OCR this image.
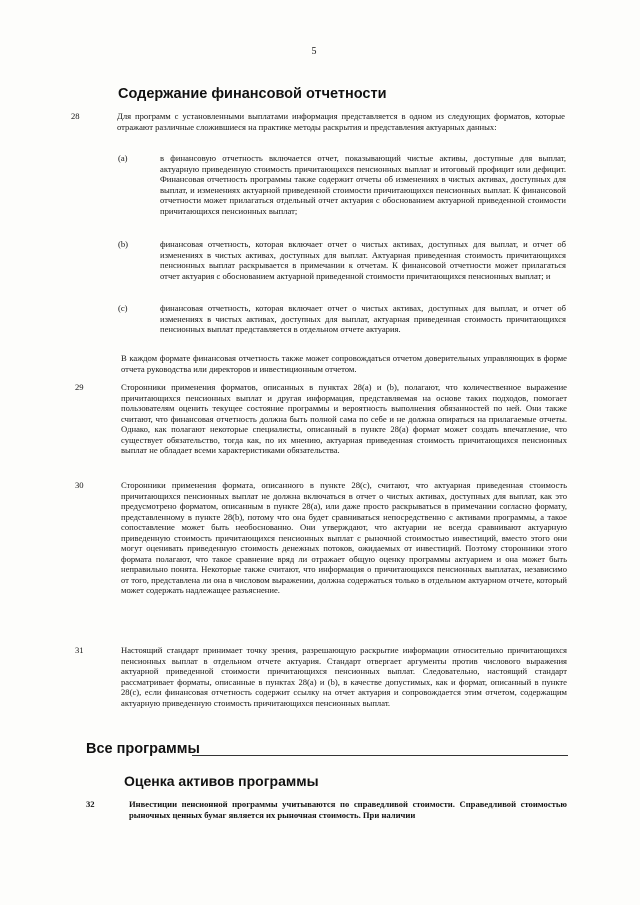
5
Содержание финансовой отчетности
28	Для программ с установленными выплатами информация представляется в одном из следующих форматов, которые отражают различные сложившиеся на практике методы раскрытия и представления актуарных данных:
(a)	в финансовую отчетность включается отчет, показывающий чистые активы, доступные для выплат, актуарную приведенную стоимость причитающихся пенсионных выплат и итоговый профицит или дефицит. Финансовая отчетность программы также содержит отчеты об изменениях в чистых активах, доступных для выплат, и изменениях актуарной приведенной стоимости причитающихся пенсионных выплат. К финансовой отчетности может прилагаться отдельный отчет актуария с обоснованием актуарной приведенной стоимости причитающихся пенсионных выплат;
(b)	финансовая отчетность, которая включает отчет о чистых активах, доступных для выплат, и отчет об изменениях в чистых активах, доступных для выплат. Актуарная приведенная стоимость причитающихся пенсионных выплат раскрывается в примечании к отчетам. К финансовой отчетности может прилагаться отчет актуария с обоснованием актуарной приведенной стоимости причитающихся пенсионных выплат; и
(c)	финансовая отчетность, которая включает отчет о чистых активах, доступных для выплат, и отчет об изменениях в чистых активах, доступных для выплат, актуарная приведенная стоимость причитающихся пенсионных выплат представляется в отдельном отчете актуария.
В каждом формате финансовая отчетность также может сопровождаться отчетом доверительных управляющих в форме отчета руководства или директоров и инвестиционным отчетом.
29	Сторонники применения форматов, описанных в пунктах 28(a) и (b), полагают, что количественное выражение причитающихся пенсионных выплат и другая информация, представляемая на основе таких подходов, помогает пользователям оценить текущее состояние программы и вероятность выполнения обязанностей по ней. Они также считают, что финансовая отчетность должна быть полной сама по себе и не должна опираться на прилагаемые отчеты. Однако, как полагают некоторые специалисты, описанный в пункте 28(a) формат может создать впечатление, что существует обязательство, тогда как, по их мнению, актуарная приведенная стоимость причитающихся пенсионных выплат не обладает всеми характеристиками обязательства.
30	Сторонники применения формата, описанного в пункте 28(c), считают, что актуарная приведенная стоимость причитающихся пенсионных выплат не должна включаться в отчет о чистых активах, доступных для выплат, как это предусмотрено форматом, описанным в пункте 28(a), или даже просто раскрываться в примечании согласно формату, представленному в пункте 28(b), потому что она будет сравниваться непосредственно с активами программы, а такое сопоставление может быть необоснованно. Они утверждают, что актуарии не всегда сравнивают актуарную приведенную стоимость причитающихся пенсионных выплат с рыночной стоимостью инвестиций, вместо этого они могут оценивать приведенную стоимость денежных потоков, ожидаемых от инвестиций. Поэтому сторонники этого формата полагают, что такое сравнение вряд ли отражает общую оценку программы актуарием и она может быть неправильно понята. Некоторые также считают, что информация о причитающихся пенсионных выплатах, независимо от того, представлена ли она в числовом выражении, должна содержаться только в отдельном актуарном отчете, который может содержать надлежащее разъяснение.
31	Настоящий стандарт принимает точку зрения, разрешающую раскрытие информации относительно причитающихся пенсионных выплат в отдельном отчете актуария. Стандарт отвергает аргументы против числового выражения актуарной приведенной стоимости причитающихся пенсионных выплат. Следовательно, настоящий стандарт рассматривает форматы, описанные в пунктах 28(a) и (b), в качестве допустимых, как и формат, описанный в пункте 28(c), если финансовая отчетность содержит ссылку на отчет актуария и сопровождается этим отчетом, содержащим актуарную приведенную стоимость причитающихся пенсионных выплат.
Все программы
Оценка активов программы
32	Инвестиции пенсионной программы учитываются по справедливой стоимости. Справедливой стоимостью рыночных ценных бумаг является их рыночная стоимость. При наличии
